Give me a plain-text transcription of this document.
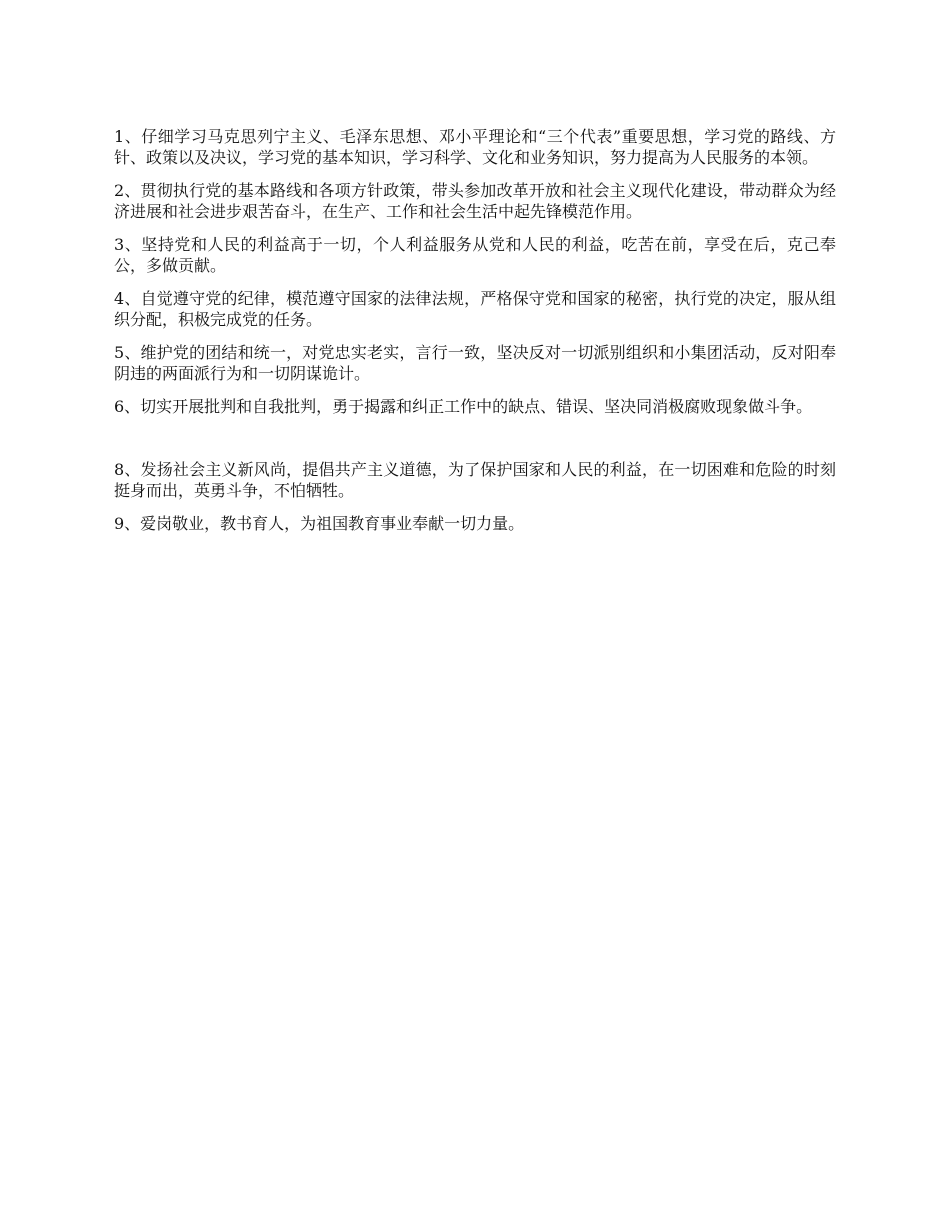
1、仔细学习马克思列宁主义、毛泽东思想、邓小平理论和“三个代表”重要思想，学习党的路线、方针、政策以及决议，学习党的基本知识，学习科学、文化和业务知识，努力提高为人民服务的本领。

2、贯彻执行党的基本路线和各项方针政策，带头参加改革开放和社会主义现代化建设，带动群众为经济进展和社会进步艰苦奋斗，在生产、工作和社会生活中起先锋模范作用。

3、坚持党和人民的利益高于一切，个人利益服务从党和人民的利益，吃苦在前，享受在后，克己奉公，多做贡献。

4、自觉遵守党的纪律，模范遵守国家的法律法规，严格保守党和国家的秘密，执行党的决定，服从组织分配，积极完成党的任务。

5、维护党的团结和统一，对党忠实老实，言行一致，坚决反对一切派别组织和小集团活动，反对阳奉阴违的两面派行为和一切阴谋诡计。

6、切实开展批判和自我批判，勇于揭露和纠正工作中的缺点、错误、坚决同消极腐败现象做斗争。

8、发扬社会主义新风尚，提倡共产主义道德，为了保护国家和人民的利益，在一切困难和危险的时刻挺身而出，英勇斗争，不怕牺牲。

9、爱岗敬业，教书育人，为祖国教育事业奉献一切力量。
